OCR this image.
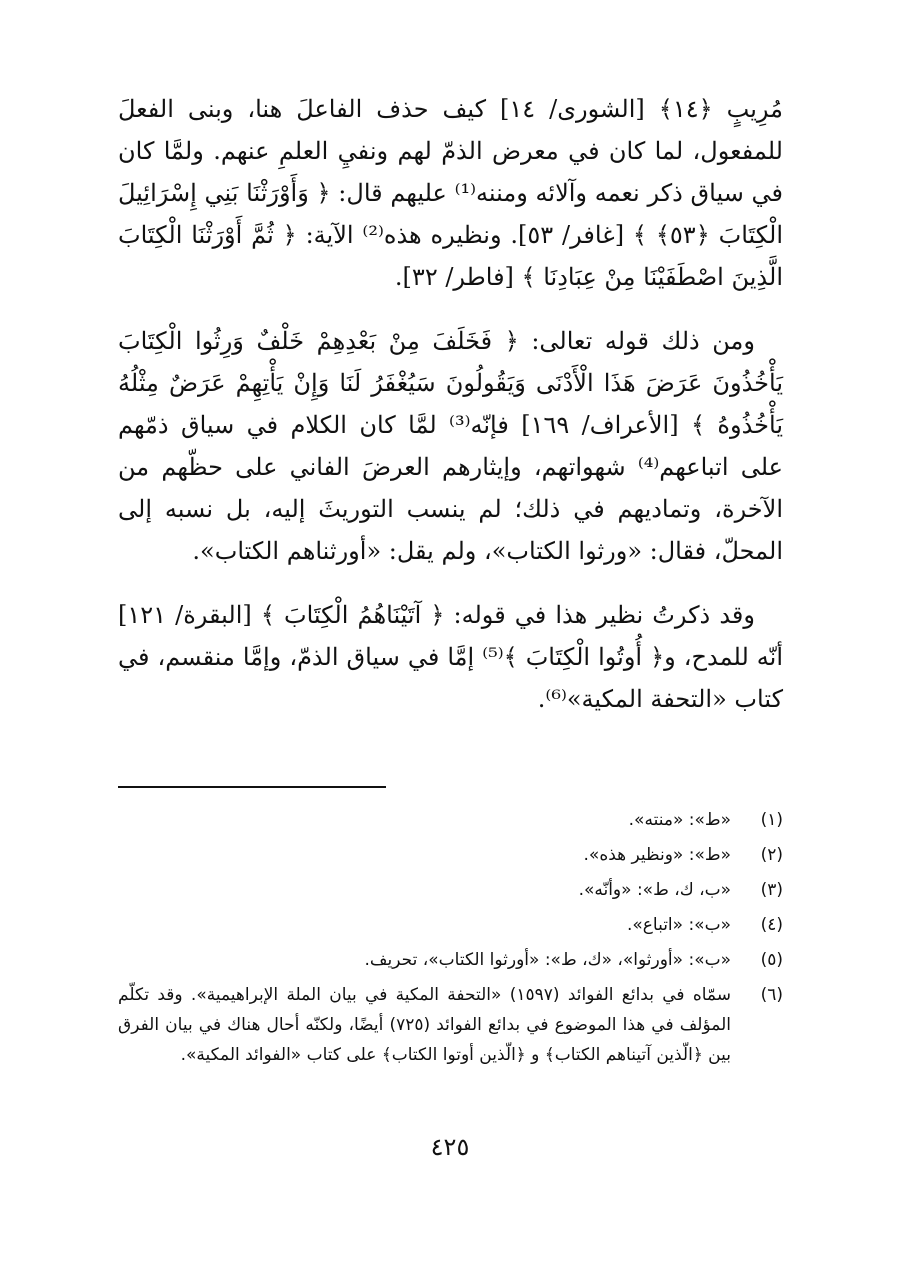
مُرِيبٍ ﴿١٤﴾ [الشورى/ ١٤] كيف حذف الفاعلَ هنا، وبنى الفعلَ للمفعول، لما كان في معرض الذمّ لهم ونفيِ العلمِ عنهم. ولمَّا كان في سياق ذكر نعمه وآلائه ومننه⁽¹⁾ عليهم قال: ﴿ وَأَوْرَثْنَا بَنِي إِسْرَائِيلَ الْكِتَابَ ﴿٥٣﴾ ﴾ [غافر/ ٥٣]. ونظيره هذه⁽²⁾ الآية: ﴿ ثُمَّ أَوْرَثْنَا الْكِتَابَ الَّذِينَ اصْطَفَيْنَا مِنْ عِبَادِنَا ﴾ [فاطر/ ٣٢].

ومن ذلك قوله تعالى: ﴿ فَخَلَفَ مِنْ بَعْدِهِمْ خَلْفٌ وَرِثُوا الْكِتَابَ يَأْخُذُونَ عَرَضَ هَذَا الْأَدْنَى وَيَقُولُونَ سَيُغْفَرُ لَنَا وَإِنْ يَأْتِهِمْ عَرَضٌ مِثْلُهُ يَأْخُذُوهُ ﴾ [الأعراف/ ١٦٩] فإنّه⁽³⁾ لمَّا كان الكلام في سياق ذمّهم على اتباعهم⁽⁴⁾ شهواتهم، وإيثارهم العرضَ الفاني على حظّهم من الآخرة، وتماديهم في ذلك؛ لم ينسب التوريثَ إليه، بل نسبه إلى المحلّ، فقال: «ورثوا الكتاب»، ولم يقل: «أورثناهم الكتاب».

وقد ذكرتُ نظير هذا في قوله: ﴿ آتَيْنَاهُمُ الْكِتَابَ ﴾ [البقرة/ ١٢١] أنّه للمدح، و﴿ أُوتُوا الْكِتَابَ ﴾⁽⁵⁾ إمَّا في سياق الذمّ، وإمَّا منقسم، في كتاب «التحفة المكية»⁽⁶⁾.

(١)
«ط»: «منته».
(٢)
«ط»: «ونظير هذه».
(٣)
«ب، ك، ط»: «وأنّه».
(٤)
«ب»: «اتباع».
(٥)
«ب»: «أورثوا»، «ك، ط»: «أورثوا الكتاب»، تحريف.
(٦)
سمّاه في بدائع الفوائد (١٥٩٧) «التحفة المكية في بيان الملة الإبراهيمية». وقد تكلّم المؤلف في هذا الموضوع في بدائع الفوائد (٧٢٥) أيضًا، ولكنّه أحال هناك في بيان الفرق بين ﴿الّذين آتيناهم الكتاب﴾ و ﴿الّذين أوتوا الكتاب﴾ على كتاب «الفوائد المكية».
٤٢٥
